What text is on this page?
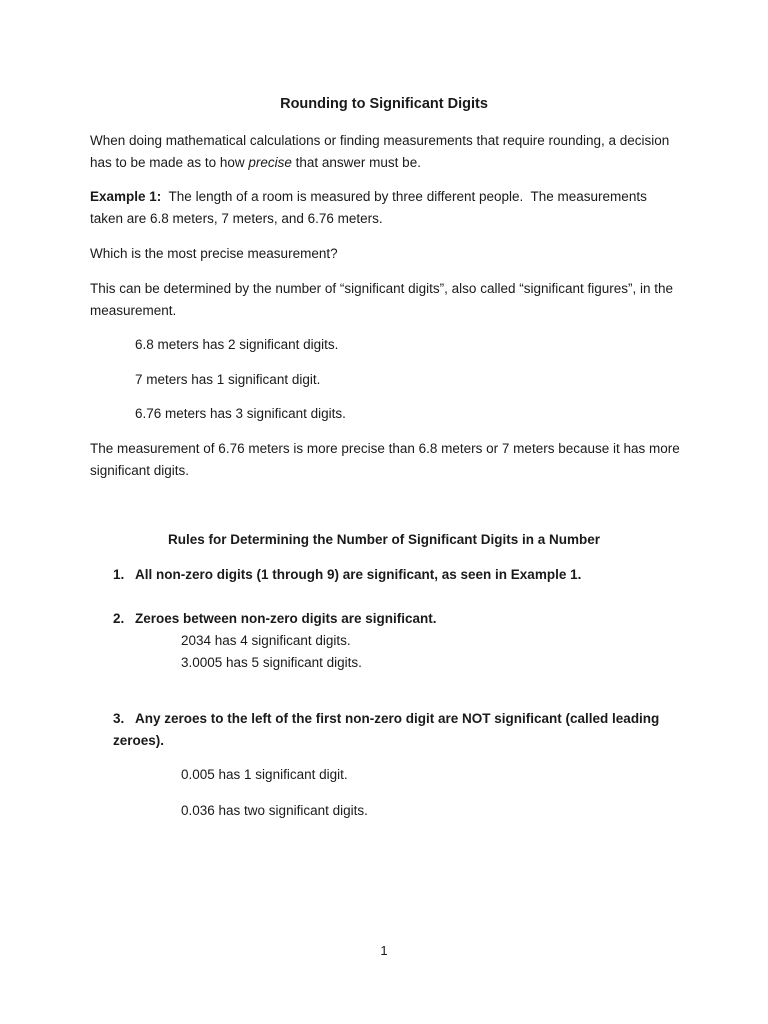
Rounding to Significant Digits

When doing mathematical calculations or finding measurements that require rounding, a decision has to be made as to how precise that answer must be.

Example 1:  The length of a room is measured by three different people.  The measurements taken are 6.8 meters, 7 meters, and 6.76 meters.

Which is the most precise measurement?

This can be determined by the number of “significant digits”, also called “significant figures”, in the measurement.

6.8 meters has 2 significant digits.

7 meters has 1 significant digit.

6.76 meters has 3 significant digits.

The measurement of 6.76 meters is more precise than 6.8 meters or 7 meters because it has more significant digits.

Rules for Determining the Number of Significant Digits in a Number

1. All non-zero digits (1 through 9) are significant, as seen in Example 1.

2. Zeroes between non-zero digits are significant.

2034 has 4 significant digits.

3.0005 has 5 significant digits.

3. Any zeroes to the left of the first non-zero digit are NOT significant (called leading zeroes).

0.005 has 1 significant digit.

0.036 has two significant digits.

1
